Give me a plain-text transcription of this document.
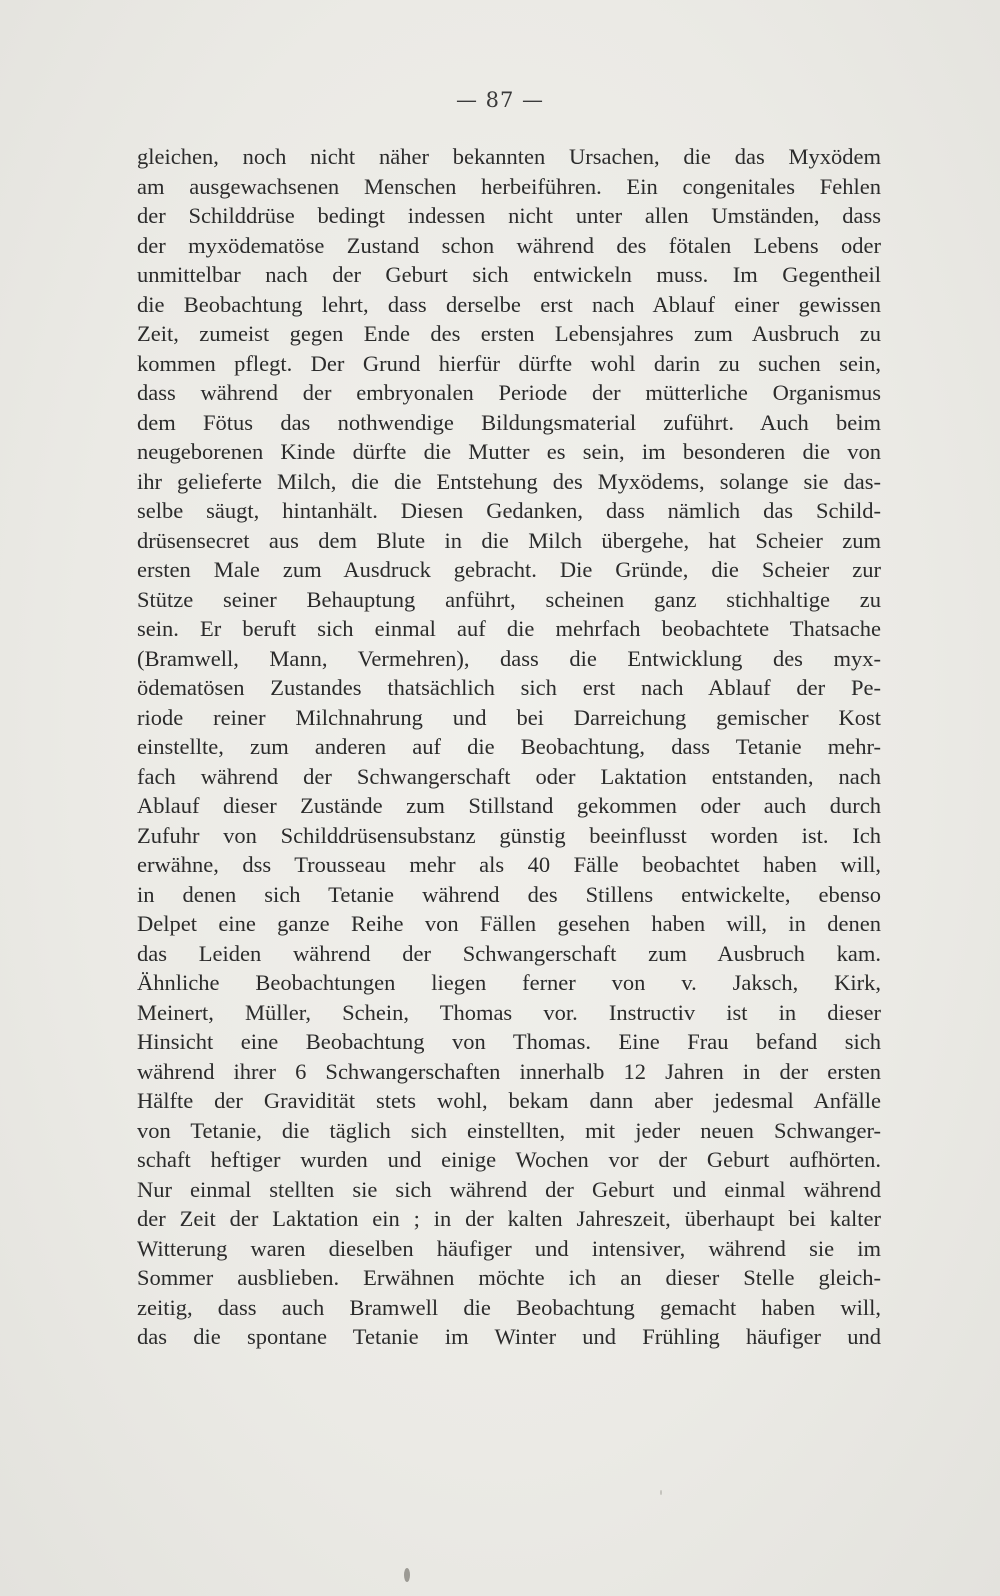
— 87 —
gleichen, noch nicht näher bekannten Ursachen, die das Myxödem
am ausgewachsenen Menschen herbeiführen. Ein congenitales Fehlen
der Schilddrüse bedingt indessen nicht unter allen Umständen, dass
der myxödematöse Zustand schon während des fötalen Lebens oder
unmittelbar nach der Geburt sich entwickeln muss. Im Gegentheil
die Beobachtung lehrt, dass derselbe erst nach Ablauf einer gewissen
Zeit, zumeist gegen Ende des ersten Lebensjahres zum Ausbruch zu
kommen pflegt. Der Grund hierfür dürfte wohl darin zu suchen sein,
dass während der embryonalen Periode der mütterliche Organismus
dem Fötus das nothwendige Bildungsmaterial zuführt. Auch beim
neugeborenen Kinde dürfte die Mutter es sein, im besonderen die von
ihr gelieferte Milch, die die Entstehung des Myxödems, solange sie das-
selbe säugt, hintanhält. Diesen Gedanken, dass nämlich das Schild-
drüsensecret aus dem Blute in die Milch übergehe, hat Scheier zum
ersten Male zum Ausdruck gebracht. Die Gründe, die Scheier zur
Stütze seiner Behauptung anführt, scheinen ganz stichhaltige zu
sein. Er beruft sich einmal auf die mehrfach beobachtete Thatsache
(Bramwell, Mann, Vermehren), dass die Entwicklung des myx-
ödematösen Zustandes thatsächlich sich erst nach Ablauf der Pe-
riode reiner Milchnahrung und bei Darreichung gemischer Kost
einstellte, zum anderen auf die Beobachtung, dass Tetanie mehr-
fach während der Schwangerschaft oder Laktation entstanden, nach
Ablauf dieser Zustände zum Stillstand gekommen oder auch durch
Zufuhr von Schilddrüsensubstanz günstig beeinflusst worden ist. Ich
erwähne, dss Trousseau mehr als 40 Fälle beobachtet haben will,
in denen sich Tetanie während des Stillens entwickelte, ebenso
Delpet eine ganze Reihe von Fällen gesehen haben will, in denen
das Leiden während der Schwangerschaft zum Ausbruch kam.
Ähnliche Beobachtungen liegen ferner von v. Jaksch, Kirk,
Meinert, Müller, Schein, Thomas vor. Instructiv ist in dieser
Hinsicht eine Beobachtung von Thomas. Eine Frau befand sich
während ihrer 6 Schwangerschaften innerhalb 12 Jahren in der ersten
Hälfte der Gravidität stets wohl, bekam dann aber jedesmal Anfälle
von Tetanie, die täglich sich einstellten, mit jeder neuen Schwanger-
schaft heftiger wurden und einige Wochen vor der Geburt aufhörten.
Nur einmal stellten sie sich während der Geburt und einmal während
der Zeit der Laktation ein ; in der kalten Jahreszeit, überhaupt bei kalter
Witterung waren dieselben häufiger und intensiver, während sie im
Sommer ausblieben. Erwähnen möchte ich an dieser Stelle gleich-
zeitig, dass auch Bramwell die Beobachtung gemacht haben will,
das die spontane Tetanie im Winter und Frühling häufiger und
